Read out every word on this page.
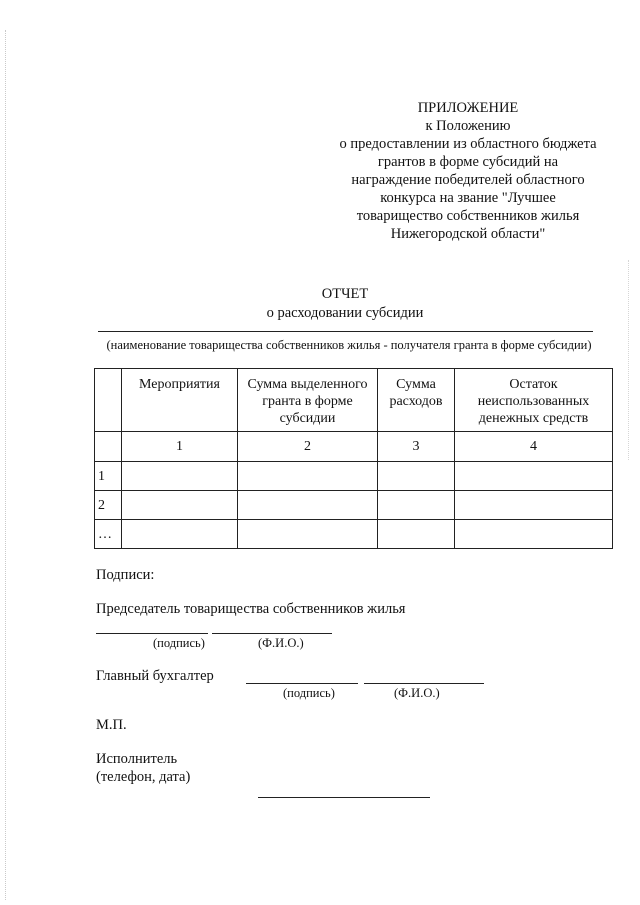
ПРИЛОЖЕНИЕ
к Положению
о предоставлении из областного бюджета
грантов в форме субсидий на
награждение победителей областного
конкурса на звание "Лучшее
товарищество собственников жилья
Нижегородской области"
ОТЧЕТ
о расходовании субсидии
(наименование товарищества собственников жилья - получателя гранта в форме субсидии)
	Мероприятия	Сумма выделенного гранта в форме субсидии	Сумма расходов	Остаток неиспользованных денежных средств
	1	2	3	4
1				
2				
…				
Подписи:
Председатель товарищества собственников жилья
(подпись)	(Ф.И.О.)
Главный бухгалтер
(подпись)	(Ф.И.О.)
М.П.
Исполнитель
(телефон, дата)
